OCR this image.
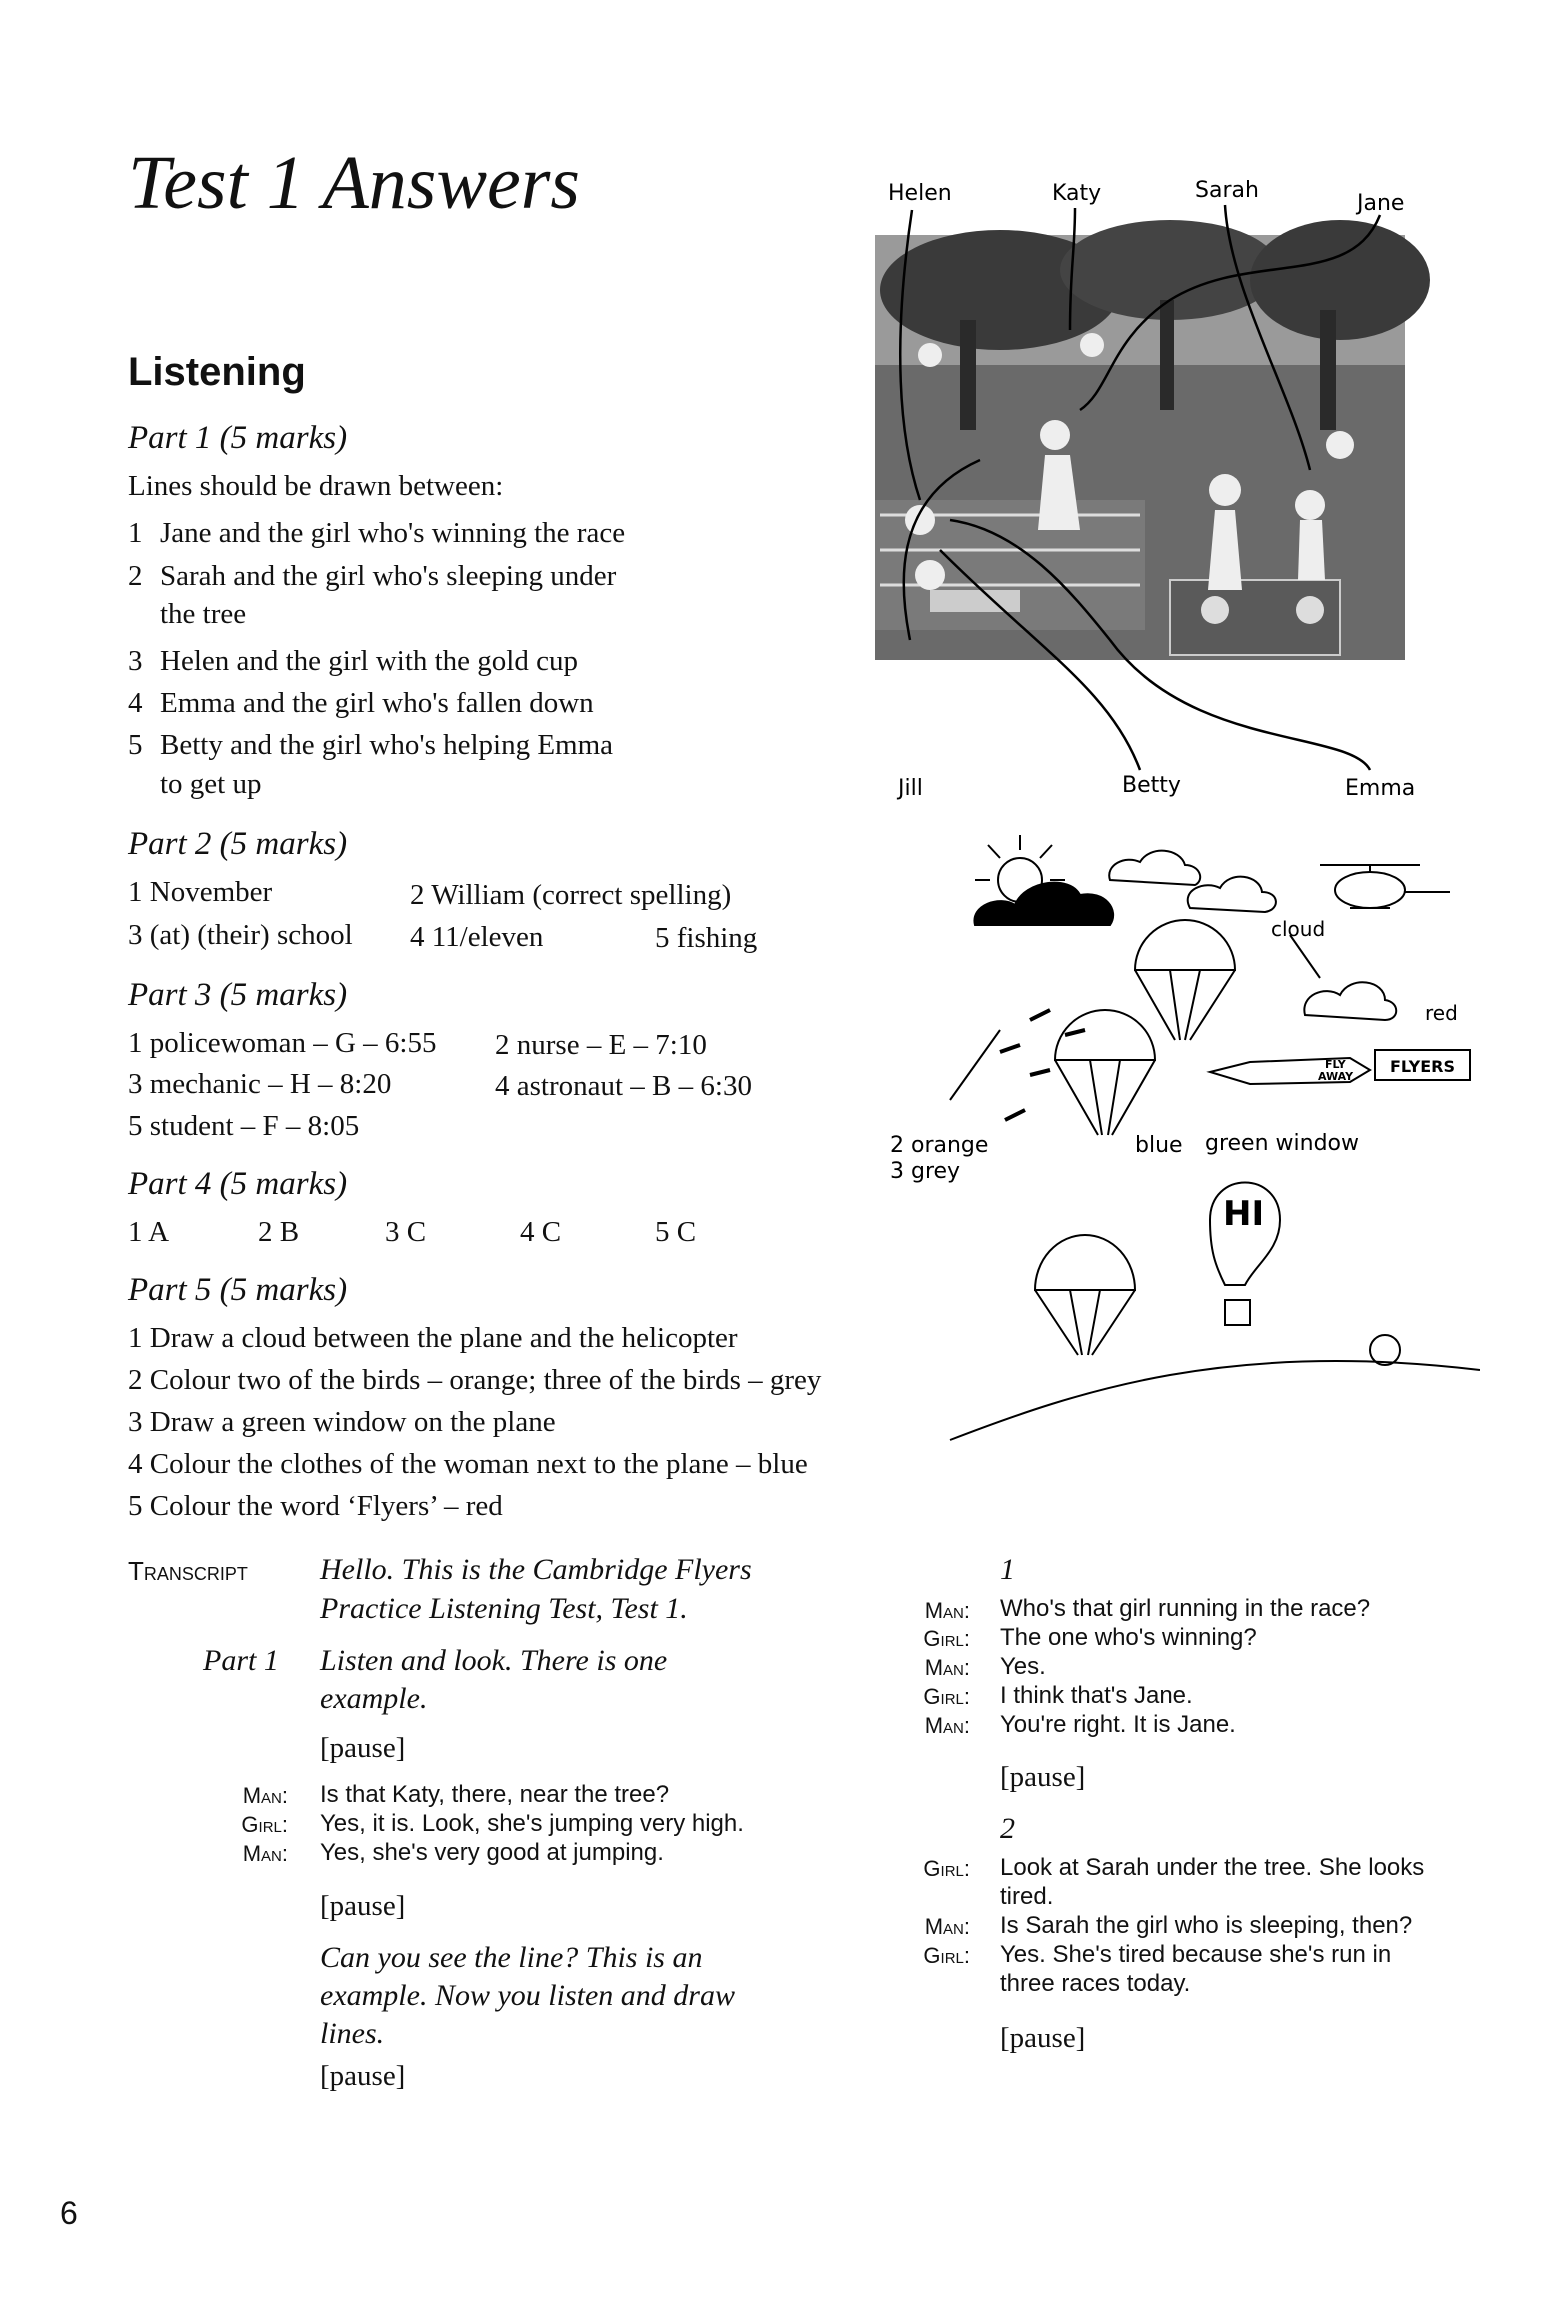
Test 1 Answers
Listening
Part 1 (5 marks)
Lines should be drawn between:
1 Jane and the girl who's winning the race
2 Sarah and the girl who's sleeping under
the tree
3 Helen and the girl with the gold cup
4 Emma and the girl who's fallen down
5 Betty and the girl who's helping Emma
to get up
Part 2 (5 marks)
1 November	2 William (correct spelling)
3 (at) (their) school 4 11/eleven	5 fishing
Part 3 (5 marks)
1 policewoman – G – 6:55 2 nurse – E – 7:10
3 mechanic – H – 8:20	4 astronaut – B – 6:30
5 student – F – 8:05
Part 4 (5 marks)
1 A	2 B	3 C	4 C	5 C
Part 5 (5 marks)
1 Draw a cloud between the plane and the helicopter
2 Colour two of the birds – orange; three of the birds – grey
3 Draw a green window on the plane
4 Colour the clothes of the woman next to the plane – blue
5 Colour the word ‘Flyers’ – red
Helen	Katy	Sarah
Jane
Jill	Betty	Emma
cloud
red
2 orange
3 grey
blue green window
FLY
AWAY
FLYERS
HI
Transcript Hello. This is the Cambridge Flyers
Practice Listening Test, Test 1.
Part 1 Listen and look. There is one
example.
[pause]
Man: Is that Katy, there, near the tree?
Girl: Yes, it is. Look, she's jumping very high.
Man: Yes, she's very good at jumping.
[pause]
Can you see the line? This is an
example. Now you listen and draw
lines.
[pause]
1
Man: Who's that girl running in the race?
Girl: The one who's winning?
Man: Yes.
Girl: I think that's Jane.
Man: You're right. It is Jane.
[pause]
2
Girl: Look at Sarah under the tree. She looks
tired.
Man: Is Sarah the girl who is sleeping, then?
Girl: Yes. She's tired because she's run in
three races today.
[pause]
6
